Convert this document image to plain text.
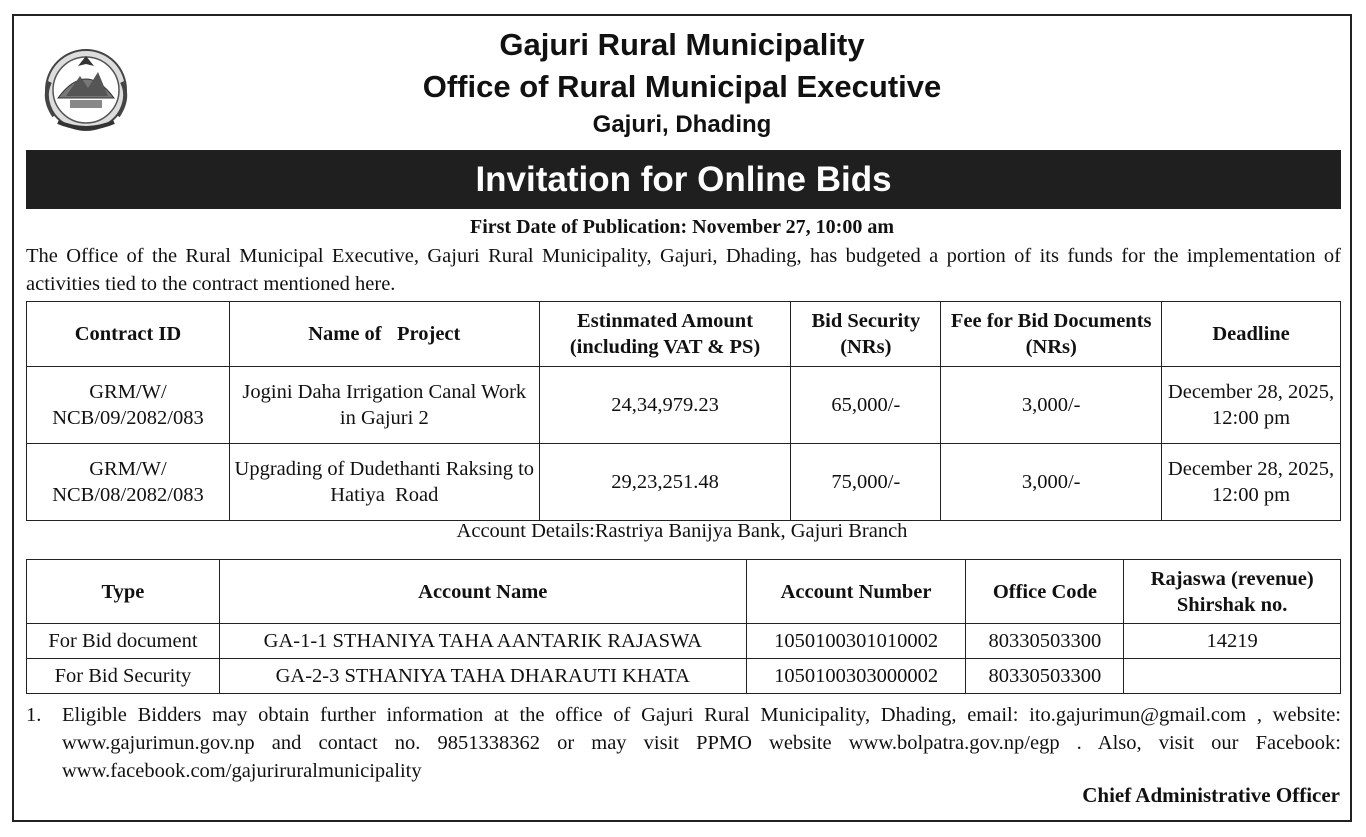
Gajuri Rural Municipality
Office of Rural Municipal Executive
Gajuri, Dhading
Invitation for Online Bids
First Date of Publication: November 27, 10:00 am
The Office of the Rural Municipal Executive, Gajuri Rural Municipality, Gajuri, Dhading, has budgeted a portion of its funds for the implementation of activities tied to the contract mentioned here.
Contract ID	Name of   Project	Estinmated Amount (including VAT & PS)	Bid Security (NRs)	Fee for Bid Documents (NRs)	Deadline
GRM/W/ NCB/09/2082/083	Jogini Daha Irrigation Canal Work in Gajuri 2	24,34,979.23	65,000/-	3,000/-	December 28, 2025, 12:00 pm
GRM/W/ NCB/08/2082/083	Upgrading of Dudethanti Raksing to Hatiya  Road	29,23,251.48	75,000/-	3,000/-	December 28, 2025, 12:00 pm
Account Details:Rastriya Banijya Bank, Gajuri Branch
Type	Account Name	Account Number	Office Code	Rajaswa (revenue) Shirshak no.
For Bid document	GA-1-1 STHANIYA TAHA AANTARIK RAJASWA	1050100301010002	80330503300	14219
For Bid Security	GA-2-3 STHANIYA TAHA DHARAUTI KHATA	1050100303000002	80330503300	
1. Eligible Bidders may obtain further information at the office of Gajuri Rural Municipality, Dhading, email: ito.gajurimun@gmail.com , website: www.gajurimun.gov.np and contact no. 9851338362 or may visit PPMO website www.bolpatra.gov.np/egp . Also, visit our Facebook: www.facebook.com/gajuriruralmunicipality
Chief Administrative Officer
